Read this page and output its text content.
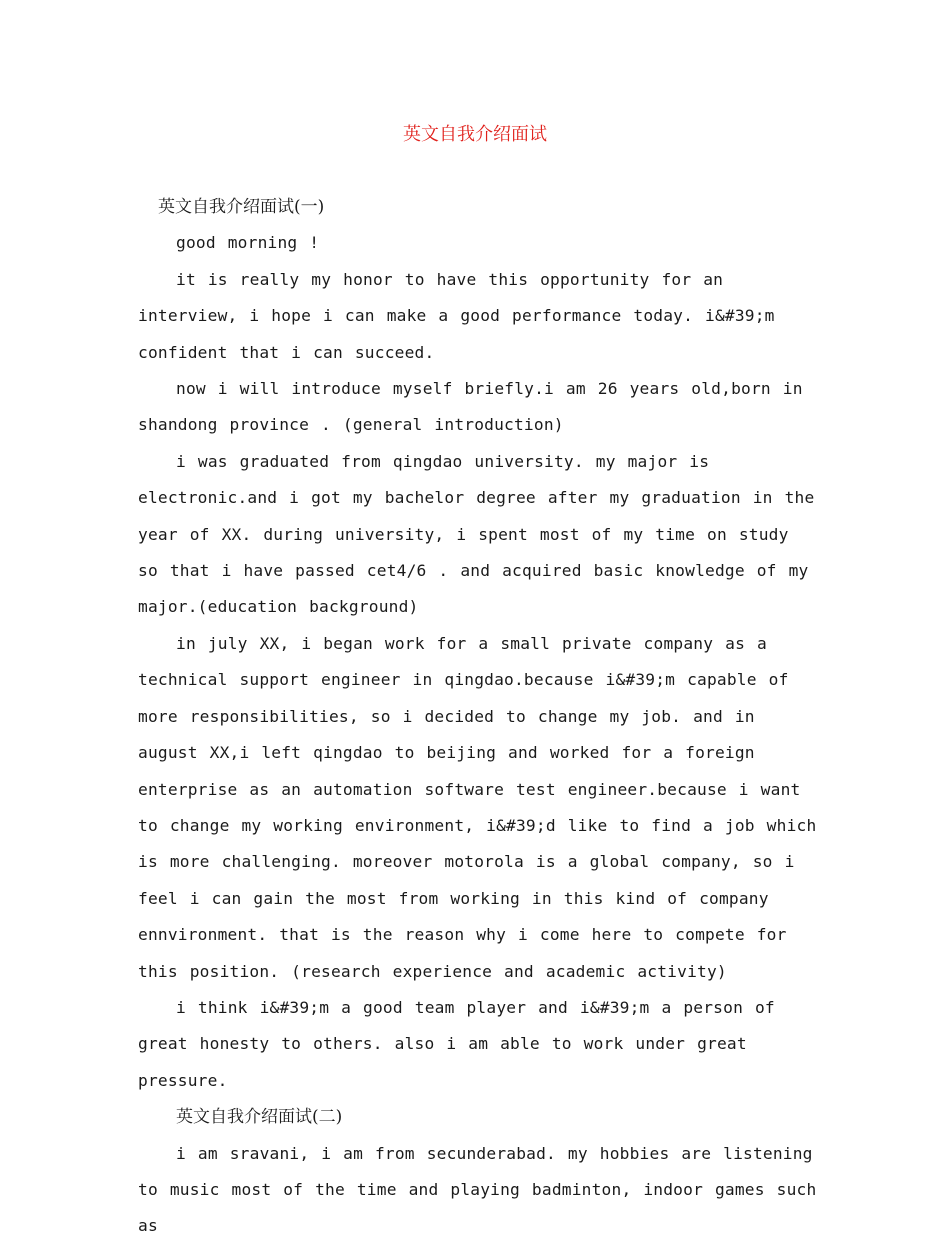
英文自我介绍面试

英文自我介绍面试(一)

good morning !

it is really my honor to have this opportunity for an interview, i hope i can make a good performance today. i&#39;m confident that i can succeed.

now i will introduce myself briefly.i am 26 years old,born in shandong province . (general introduction)

i was graduated from qingdao university. my major is electronic.and i got my bachelor degree after my graduation in the year of XX. during university, i spent most of my time on study so that i have passed cet4/6 . and acquired basic knowledge of my major.(education background)

in july XX, i began work for a small private company as a technical support engineer in qingdao.because i&#39;m capable of more responsibilities, so i decided to change my job. and in august XX,i left qingdao to beijing and worked for a foreign enterprise as an automation software test engineer.because i want to change my working environment, i&#39;d like to find a job which is more challenging. moreover motorola is a global company, so i feel i can gain the most from working in this kind of company ennvironment. that is the reason why i come here to compete for this position. (research experience and academic activity)

i think i&#39;m a good team player and i&#39;m a person of great honesty to others. also i am able to work under great pressure.

英文自我介绍面试(二)

i am sravani, i am from secunderabad. my hobbies are listening to music most of the time and playing badminton, indoor games such as
